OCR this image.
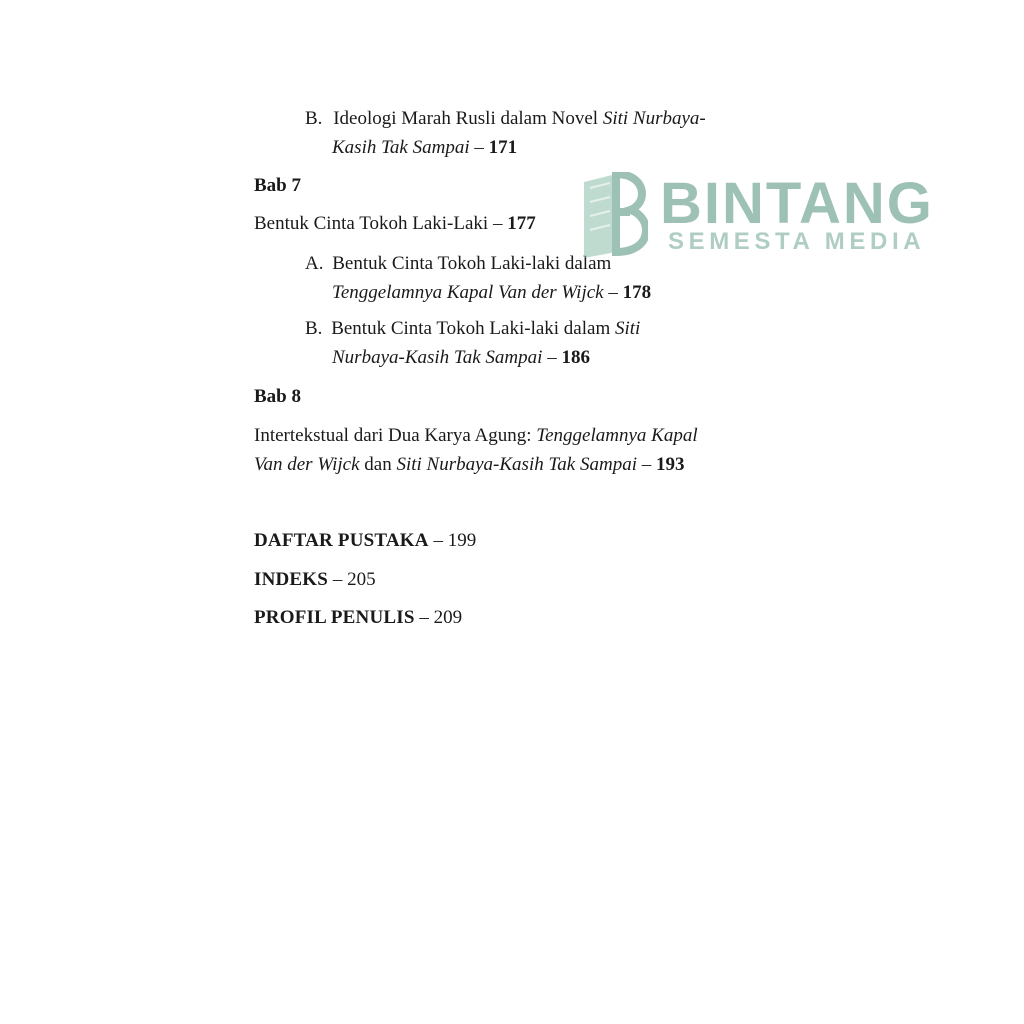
B. Ideologi Marah Rusli dalam Novel Siti Nurbaya-
Kasih Tak Sampai – 171
Bab 7
Bentuk Cinta Tokoh Laki-Laki – 177
A. Bentuk Cinta Tokoh Laki-laki dalam
Tenggelamnya Kapal Van der Wijck – 178
B. Bentuk Cinta Tokoh Laki-laki dalam Siti
Nurbaya-Kasih Tak Sampai – 186
Bab 8
Intertekstual dari Dua Karya Agung: Tenggelamnya Kapal
Van der Wijck dan Siti Nurbaya-Kasih Tak Sampai – 193
DAFTAR PUSTAKA – 199
INDEKS – 205
PROFIL PENULIS – 209
BINTANG
SEMESTA MEDIA
